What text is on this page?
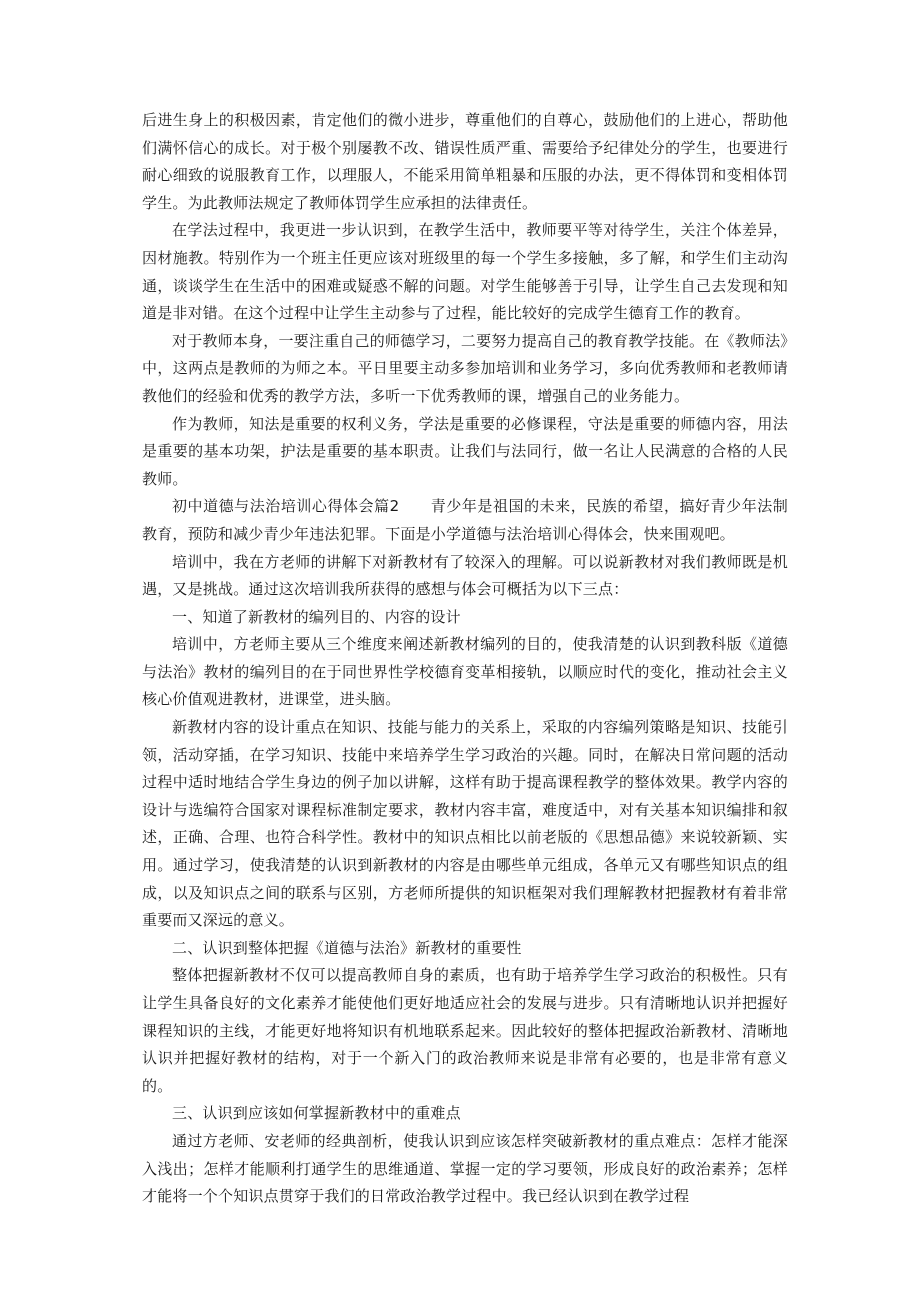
后进生身上的积极因素，肯定他们的微小进步，尊重他们的自尊心，鼓励他们的上进心，帮助他们满怀信心的成长。对于极个别屡教不改、错误性质严重、需要给予纪律处分的学生，也要进行耐心细致的说服教育工作，以理服人，不能采用简单粗暴和压服的办法，更不得体罚和变相体罚学生。为此教师法规定了教师体罚学生应承担的法律责任。

在学法过程中，我更进一步认识到，在教学生活中，教师要平等对待学生，关注个体差异，因材施教。特别作为一个班主任更应该对班级里的每一个学生多接触，多了解，和学生们主动沟通，谈谈学生在生活中的困难或疑惑不解的问题。对学生能够善于引导，让学生自己去发现和知道是非对错。在这个过程中让学生主动参与了过程，能比较好的完成学生德育工作的教育。

对于教师本身，一要注重自己的师德学习，二要努力提高自己的教育教学技能。在《教师法》中，这两点是教师的为师之本。平日里要主动多参加培训和业务学习，多向优秀教师和老教师请教他们的经验和优秀的教学方法，多听一下优秀教师的课，增强自己的业务能力。

作为教师，知法是重要的权利义务，学法是重要的必修课程，守法是重要的师德内容，用法是重要的基本功架，护法是重要的基本职责。让我们与法同行，做一名让人民满意的合格的人民教师。

初中道德与法治培训心得体会篇2　　青少年是祖国的未来，民族的希望，搞好青少年法制教育，预防和减少青少年违法犯罪。下面是小学道德与法治培训心得体会，快来围观吧。

培训中，我在方老师的讲解下对新教材有了较深入的理解。可以说新教材对我们教师既是机遇，又是挑战。通过这次培训我所获得的感想与体会可概括为以下三点：

一、知道了新教材的编列目的、内容的设计

培训中，方老师主要从三个维度来阐述新教材编列的目的，使我清楚的认识到教科版《道德与法治》教材的编列目的在于同世界性学校德育变革相接轨，以顺应时代的变化，推动社会主义核心价值观进教材，进课堂，进头脑。

新教材内容的设计重点在知识、技能与能力的关系上，采取的内容编列策略是知识、技能引领，活动穿插，在学习知识、技能中来培养学生学习政治的兴趣。同时，在解决日常问题的活动过程中适时地结合学生身边的例子加以讲解，这样有助于提高课程教学的整体效果。教学内容的设计与选编符合国家对课程标准制定要求，教材内容丰富，难度适中，对有关基本知识编排和叙述，正确、合理、也符合科学性。教材中的知识点相比以前老版的《思想品德》来说较新颖、实用。通过学习，使我清楚的认识到新教材的内容是由哪些单元组成，各单元又有哪些知识点的组成，以及知识点之间的联系与区别，方老师所提供的知识框架对我们理解教材把握教材有着非常重要而又深远的意义。

二、认识到整体把握《道德与法治》新教材的重要性

整体把握新教材不仅可以提高教师自身的素质，也有助于培养学生学习政治的积极性。只有让学生具备良好的文化素养才能使他们更好地适应社会的发展与进步。只有清晰地认识并把握好课程知识的主线，才能更好地将知识有机地联系起来。因此较好的整体把握政治新教材、清晰地认识并把握好教材的结构，对于一个新入门的政治教师来说是非常有必要的，也是非常有意义的。

三、认识到应该如何掌握新教材中的重难点

通过方老师、安老师的经典剖析，使我认识到应该怎样突破新教材的重点难点：怎样才能深入浅出；怎样才能顺利打通学生的思维通道、掌握一定的学习要领，形成良好的政治素养；怎样才能将一个个知识点贯穿于我们的日常政治教学过程中。我已经认识到在教学过程
